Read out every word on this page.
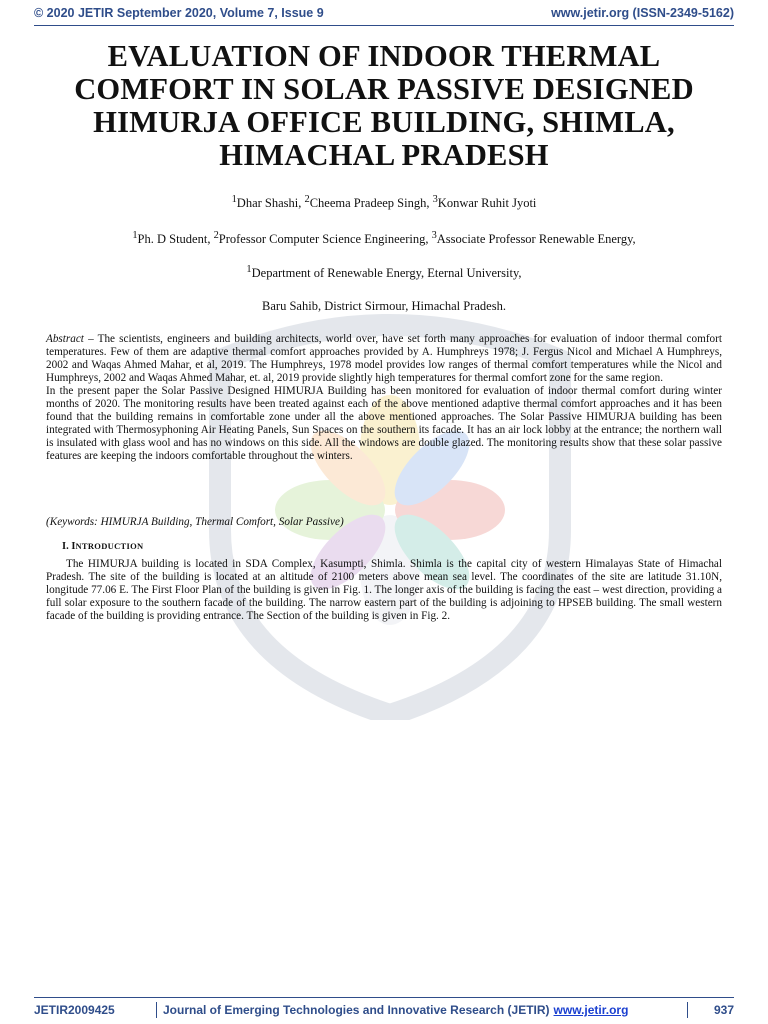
© 2020 JETIR September 2020, Volume 7, Issue 9	www.jetir.org (ISSN-2349-5162)
EVALUATION OF INDOOR THERMAL COMFORT IN SOLAR PASSIVE DESIGNED HIMURJA OFFICE BUILDING, SHIMLA, HIMACHAL PRADESH
$^1$Dhar Shashi, $^2$Cheema Pradeep Singh, $^3$Konwar Ruhit Jyoti
$^1$Ph. D Student, $^2$Professor Computer Science Engineering, $^3$Associate Professor Renewable Energy,
$^1$Department of Renewable Energy, Eternal University,
Baru Sahib, District Sirmour, Himachal Pradesh.

Abstract – The scientists, engineers and building architects, world over, have set forth many approaches for evaluation of indoor thermal comfort temperatures. Few of them are adaptive thermal comfort approaches provided by A. Humphreys 1978; J. Fergus Nicol and Michael A Humphreys, 2002 and Waqas Ahmed Mahar, et al, 2019. The Humphreys, 1978 model provides low ranges of thermal comfort temperatures while the Nicol and Humphreys, 2002 and Waqas Ahmed Mahar, et. al, 2019 provide slightly high temperatures for thermal comfort zone for the same region.

In the present paper the Solar Passive Designed HIMURJA Building has been monitored for evaluation of indoor thermal comfort during winter months of 2020. The monitoring results have been treated against each of the above mentioned adaptive thermal comfort approaches and it has been found that the building remains in comfortable zone under all the above mentioned approaches. The Solar Passive HIMURJA building has been integrated with Thermosyphoning Air Heating Panels, Sun Spaces on the southern its facade. It has an air lock lobby at the entrance; the northern wall is insulated with glass wool and has no windows on this side. All the windows are double glazed. The monitoring results show that these solar passive features are keeping the indoors comfortable throughout the winters.

(Keywords: HIMURJA Building, Thermal Comfort, Solar Passive)
I. INTRODUCTION

The HIMURJA building is located in SDA Complex, Kasumpti, Shimla. Shimla is the capital city of western Himalayas State of Himachal Pradesh. The site of the building is located at an altitude of 2100 meters above mean sea level. The coordinates of the site are latitude 31.10N, longitude 77.06 E. The First Floor Plan of the building is given in Fig. 1. The longer axis of the building is facing the east – west direction, providing a full solar exposure to the southern facade of the building. The narrow eastern part of the building is adjoining to HPSEB building. The small western facade of the building is providing entrance. The Section of the building is given in Fig. 2.

JETIR2009425	Journal of Emerging Technologies and Innovative Research (JETIR) www.jetir.org	937
